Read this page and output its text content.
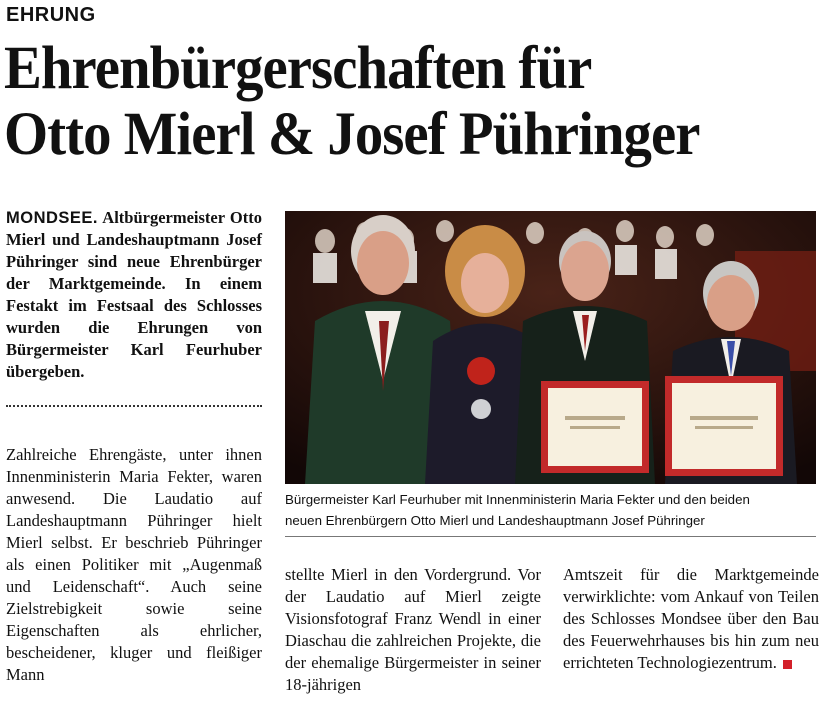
EHRUNG
Ehrenbürgerschaften für
Otto Mierl & Josef Pühringer
MONDSEE. Altbürgermeister Otto Mierl und Landeshauptmann Josef Pühringer sind neue Ehrenbürger der Marktgemeinde. In einem Festakt im Festsaal des Schlosses wurden die Ehrungen von Bürgermeister Karl Feurhuber übergeben.
Zahlreiche Ehrengäste, unter ihnen Innenministerin Maria Fekter, waren anwesend. Die Laudatio auf Landeshauptmann Pühringer hielt Mierl selbst. Er beschrieb Pühringer als einen Politiker mit „Augenmaß und Leidenschaft“. Auch seine Zielstrebigkeit sowie seine Eigenschaften als ehrlicher, bescheidener, kluger und fleißiger Mann
stellte Mierl in den Vordergrund. Vor der Laudatio auf Mierl zeigte Visionsfotograf Franz Wendl in einer Diaschau die zahlreichen Projekte, die der ehemalige Bürgermeister in seiner 18-jährigen
Amtszeit für die Marktgemeinde verwirklichte: vom Ankauf von Teilen des Schlosses Mondsee über den Bau des Feuerwehrhauses bis hin zum neu errichteten Technologiezentrum.
Bürgermeister Karl Feurhuber mit Innenministerin Maria Fekter und den beiden
neuen Ehrenbürgern Otto Mierl und Landeshauptmann Josef Pühringer
